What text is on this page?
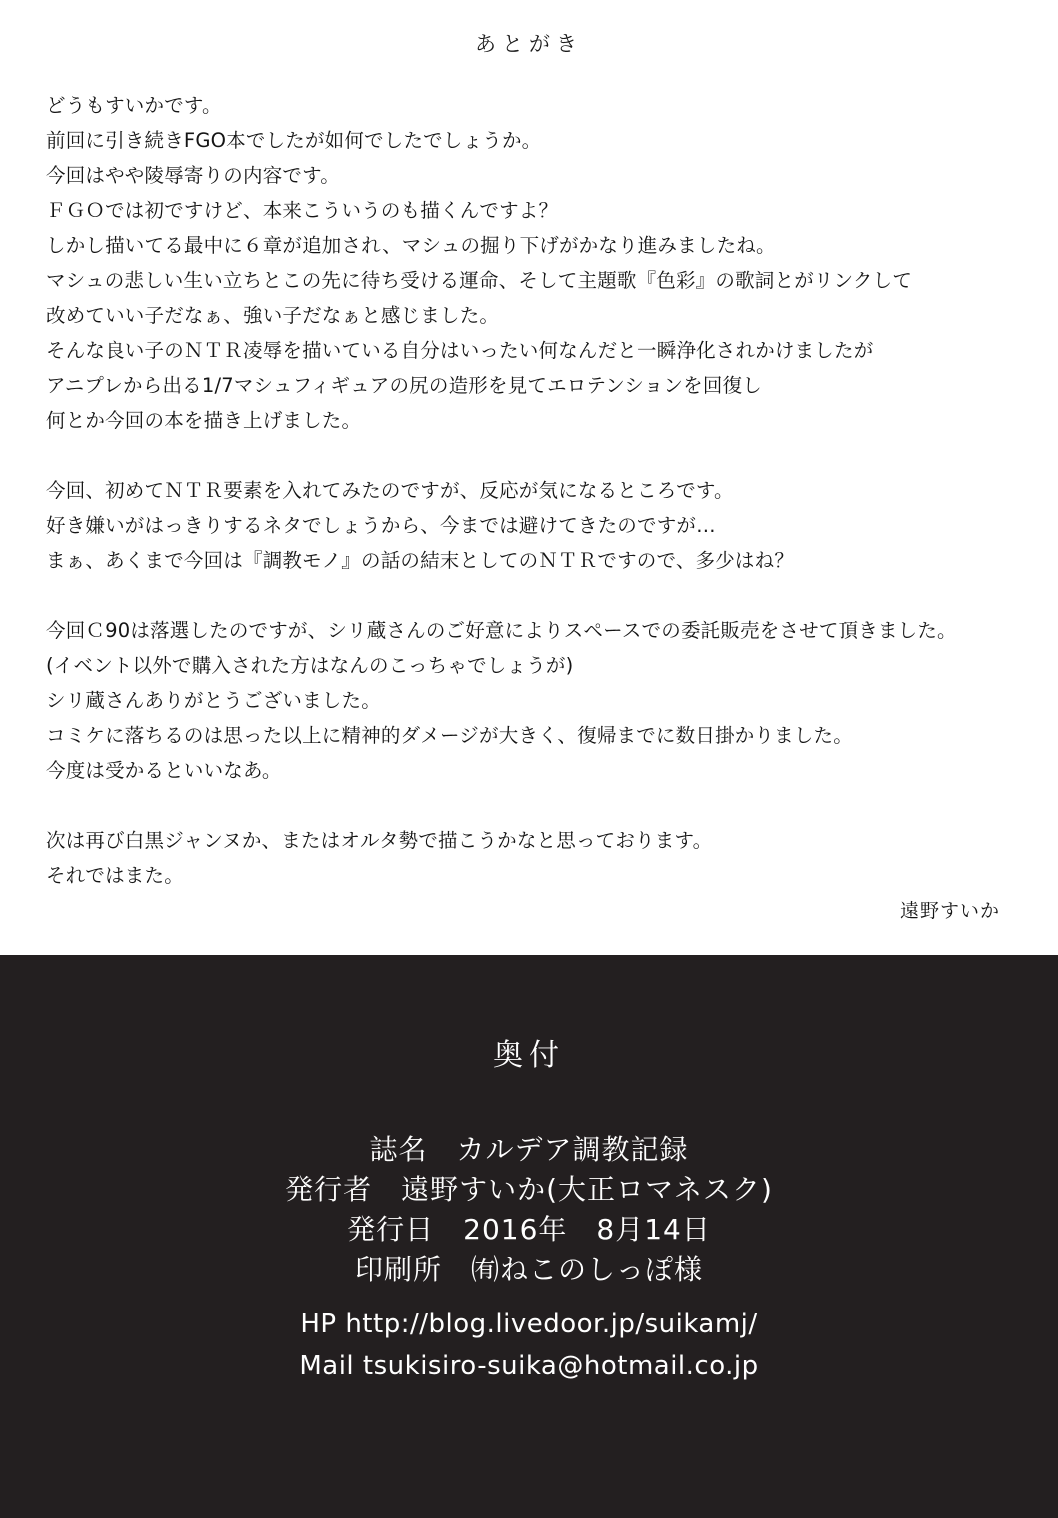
あとがき

どうもすいかです。

前回に引き続きFGO本でしたが如何でしたでしょうか。

今回はやや陵辱寄りの内容です。

ＦＧＯでは初ですけど、本来こういうのも描くんですよ？

しかし描いてる最中に６章が追加され、マシュの掘り下げがかなり進みましたね。

マシュの悲しい生い立ちとこの先に待ち受ける運命、そして主題歌『色彩』の歌詞とがリンクして

改めていい子だなぁ、強い子だなぁと感じました。

そんな良い子のＮＴＲ凌辱を描いている自分はいったい何なんだと一瞬浄化されかけましたが

アニプレから出る1/7マシュフィギュアの尻の造形を見てエロテンションを回復し

何とか今回の本を描き上げました。

今回、初めてＮＴＲ要素を入れてみたのですが、反応が気になるところです。

好き嫌いがはっきりするネタでしょうから、今までは避けてきたのですが…

まぁ、あくまで今回は『調教モノ』の話の結末としてのＮＴＲですので、多少はね？

今回Ｃ90は落選したのですが、シリ蔵さんのご好意によりスペースでの委託販売をさせて頂きました。

(イベント以外で購入された方はなんのこっちゃでしょうが)

シリ蔵さんありがとうございました。

コミケに落ちるのは思った以上に精神的ダメージが大きく、復帰までに数日掛かりました。

今度は受かるといいなあ。

次は再び白黒ジャンヌか、またはオルタ勢で描こうかなと思っております。

それではまた。

遠野すいか
奥付
誌名　カルデア調教記録
発行者　遠野すいか(大正ロマネスク)
発行日　2016年　8月14日
印刷所　㈲ねこのしっぽ様
HP http://blog.livedoor.jp/suikamj/
Mail tsukisiro-suika@hotmail.co.jp
